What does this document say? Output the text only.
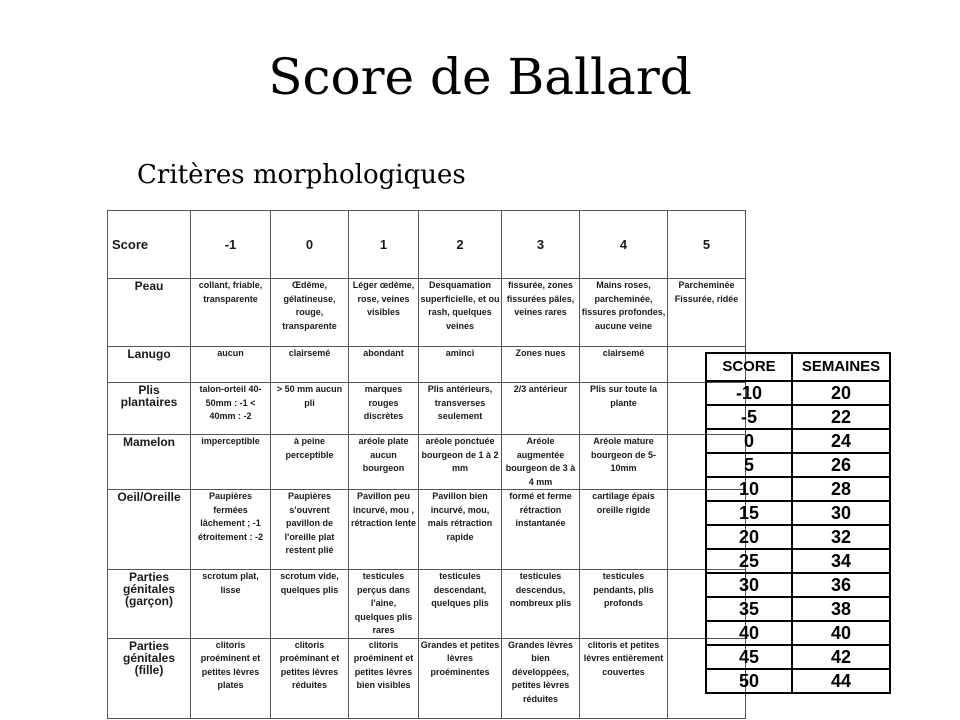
Score de Ballard
Critères morphologiques
Score	-1	0	1	2	3	4	5
Peau	collant, friable, transparente	Œdème, gélatineuse, rouge, transparente	Léger œdème, rose, veines visibles	Desquamation superficielle, et ou rash, quelques veines	fissurée, zones fissurées pâles, veines rares	Mains roses, parcheminée, fissures profondes, aucune veine	Parcheminée Fissurée, ridée
Lanugo	aucun	clairsemé	abondant	aminci	Zones nues	clairsemé	
Plis plantaires	talon-orteil 40-50mm : -1 < 40mm : -2	> 50 mm aucun pli	marques rouges discrètes	Plis antérieurs, transverses seulement	2/3 antérieur	Plis sur toute la plante	
Mamelon	imperceptible	à peine perceptible	aréole plate aucun bourgeon	aréole ponctuée bourgeon de 1 à 2 mm	Aréole augmentée bourgeon de 3 à 4 mm	Aréole mature bourgeon de 5-10mm	
Oeil/Oreille	Paupières fermées lâchement ; -1 étroitement : -2	Paupières s'ouvrent pavillon de l'oreille plat restent plié	Pavillon peu incurvé, mou , rétraction lente	Pavillon bien incurvé, mou, mais rétraction rapide	formé et ferme rétraction instantanée	cartilage épais oreille rigide	
Parties génitales (garçon)	scrotum plat, lisse	scrotum vide, quelques plis	testicules perçus dans l'aine, quelques plis rares	testicules descendant, quelques plis	testicules descendus, nombreux plis	testicules pendants, plis profonds	
Parties génitales (fille)	clitoris proéminent et petites lèvres plates	clitoris proéminant et petites lèvres réduites	clitoris proéminent et petites lèvres bien visibles	Grandes et petites lèvres proéminentes	Grandes lèvres bien développées, petites lèvres réduites	clitoris et petites lèvres entièrement couvertes	
SCORE	SEMAINES
-10	20
-5	22
0	24
5	26
10	28
15	30
20	32
25	34
30	36
35	38
40	40
45	42
50	44
